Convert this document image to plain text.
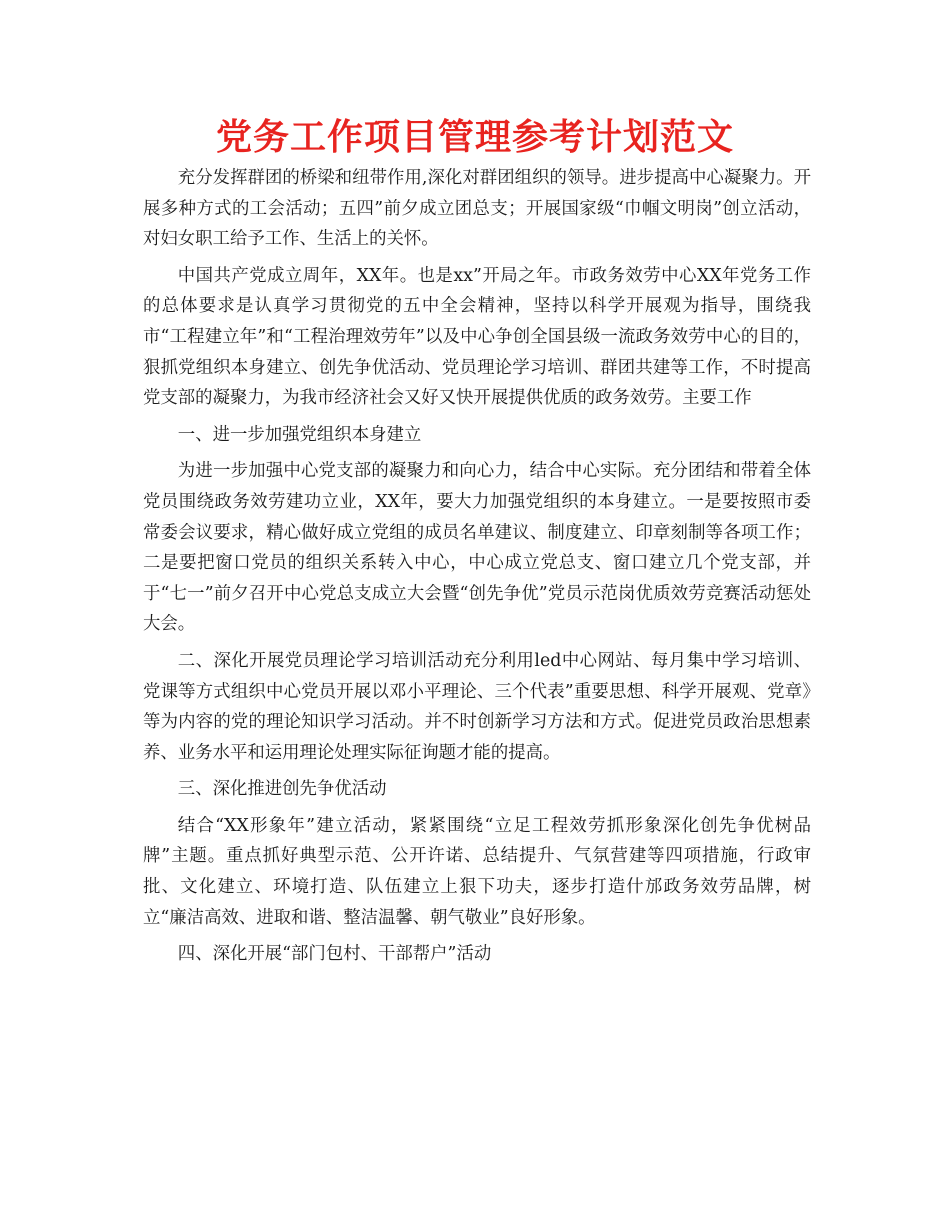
党务工作项目管理参考计划范文

充分发挥群团的桥梁和纽带作用,深化对群团组织的领导。进步提高中心凝聚力。开展多种方式的工会活动；五四”前夕成立团总支；开展国家级“巾帼文明岗”创立活动，对妇女职工给予工作、生活上的关怀。

中国共产党成立周年，XX年。也是xx”开局之年。市政务效劳中心XX年党务工作的总体要求是认真学习贯彻党的五中全会精神，坚持以科学开展观为指导，围绕我市“工程建立年”和“工程治理效劳年”以及中心争创全国县级一流政务效劳中心的目的，狠抓党组织本身建立、创先争优活动、党员理论学习培训、群团共建等工作，不时提高党支部的凝聚力，为我市经济社会又好又快开展提供优质的政务效劳。主要工作

一、进一步加强党组织本身建立

为进一步加强中心党支部的凝聚力和向心力，结合中心实际。充分团结和带着全体党员围绕政务效劳建功立业，XX年，要大力加强党组织的本身建立。一是要按照市委常委会议要求，精心做好成立党组的成员名单建议、制度建立、印章刻制等各项工作；二是要把窗口党员的组织关系转入中心，中心成立党总支、窗口建立几个党支部，并于“七一”前夕召开中心党总支成立大会暨“创先争优”党员示范岗优质效劳竞赛活动惩处大会。

二、深化开展党员理论学习培训活动充分利用led中心网站、每月集中学习培训、党课等方式组织中心党员开展以邓小平理论、三个代表”重要思想、科学开展观、党章》等为内容的党的理论知识学习活动。并不时创新学习方法和方式。促进党员政治思想素养、业务水平和运用理论处理实际征询题才能的提高。

三、深化推进创先争优活动

结合“XX形象年”建立活动，紧紧围绕“立足工程效劳抓形象深化创先争优树品牌”主题。重点抓好典型示范、公开许诺、总结提升、气氛营建等四项措施，行政审批、文化建立、环境打造、队伍建立上狠下功夫，逐步打造什邡政务效劳品牌，树立“廉洁高效、进取和谐、整洁温馨、朝气敬业”良好形象。

四、深化开展“部门包村、干部帮户”活动
